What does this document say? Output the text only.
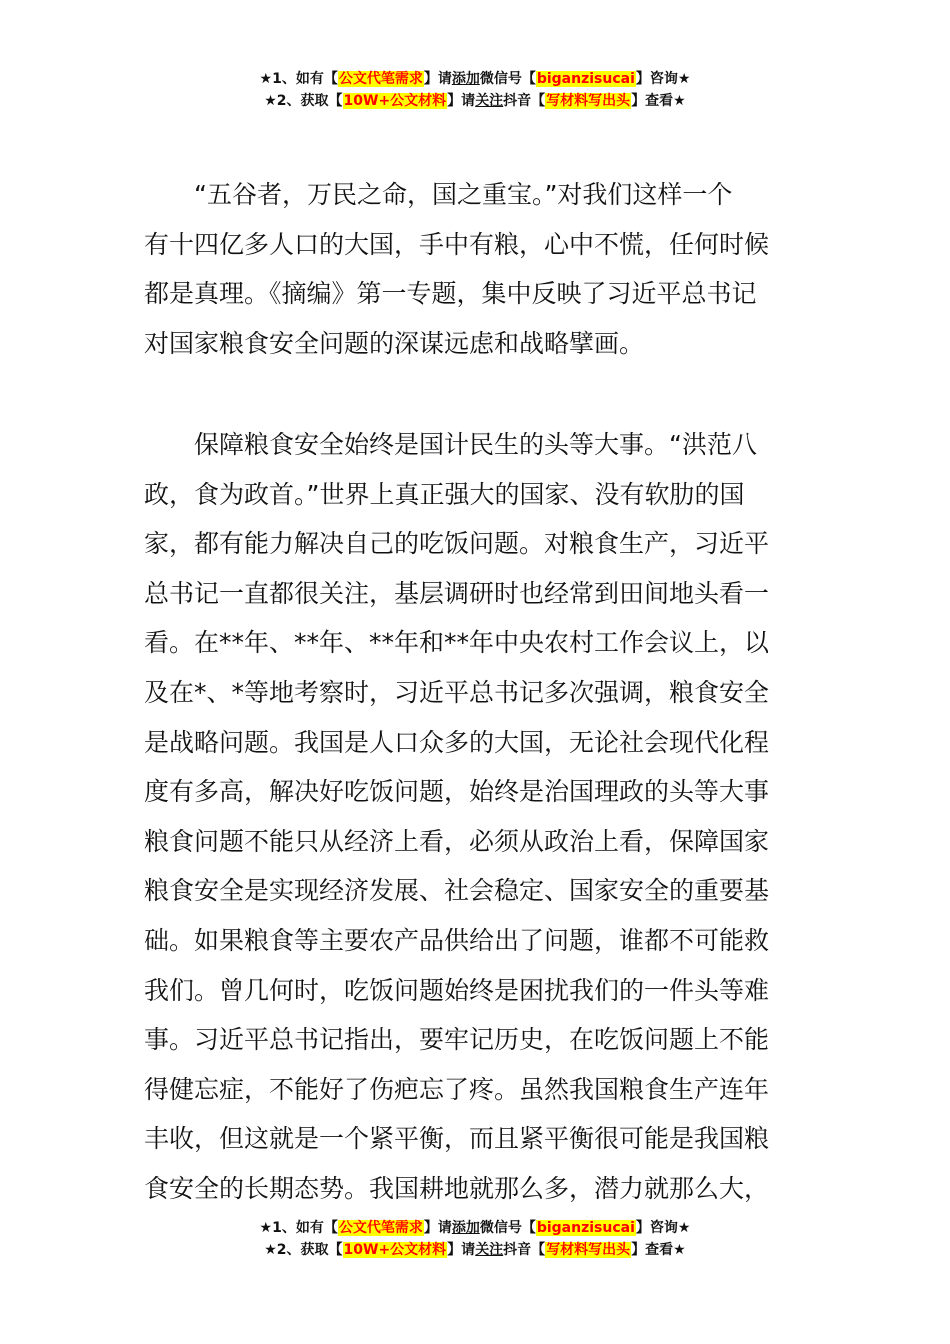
★1、如有【公文代笔需求】请添加微信号【biganzisucai】咨询★
★2、获取【10W+公文材料】请关注抖音【写材料写出头】查看★
“五谷者，万民之命，国之重宝。”对我们这样一个
有十四亿多人口的大国，手中有粮，心中不慌，任何时候
都是真理。《摘编》第一专题，集中反映了习近平总书记
对国家粮食安全问题的深谋远虑和战略擘画。
保障粮食安全始终是国计民生的头等大事。“洪范八
政，食为政首。”世界上真正强大的国家、没有软肋的国
家，都有能力解决自己的吃饭问题。对粮食生产，习近平
总书记一直都很关注，基层调研时也经常到田间地头看一
看。在**年、**年、**年和**年中央农村工作会议上，以
及在*、*等地考察时，习近平总书记多次强调，粮食安全
是战略问题。我国是人口众多的大国，无论社会现代化程
度有多高，解决好吃饭问题，始终是治国理政的头等大事
粮食问题不能只从经济上看，必须从政治上看，保障国家
粮食安全是实现经济发展、社会稳定、国家安全的重要基
础。如果粮食等主要农产品供给出了问题，谁都不可能救
我们。曾几何时，吃饭问题始终是困扰我们的一件头等难
事。习近平总书记指出，要牢记历史，在吃饭问题上不能
得健忘症，不能好了伤疤忘了疼。虽然我国粮食生产连年
丰收，但这就是一个紧平衡，而且紧平衡很可能是我国粮
食安全的长期态势。我国耕地就那么多，潜力就那么大，
★1、如有【公文代笔需求】请添加微信号【biganzisucai】咨询★
★2、获取【10W+公文材料】请关注抖音【写材料写出头】查看★
